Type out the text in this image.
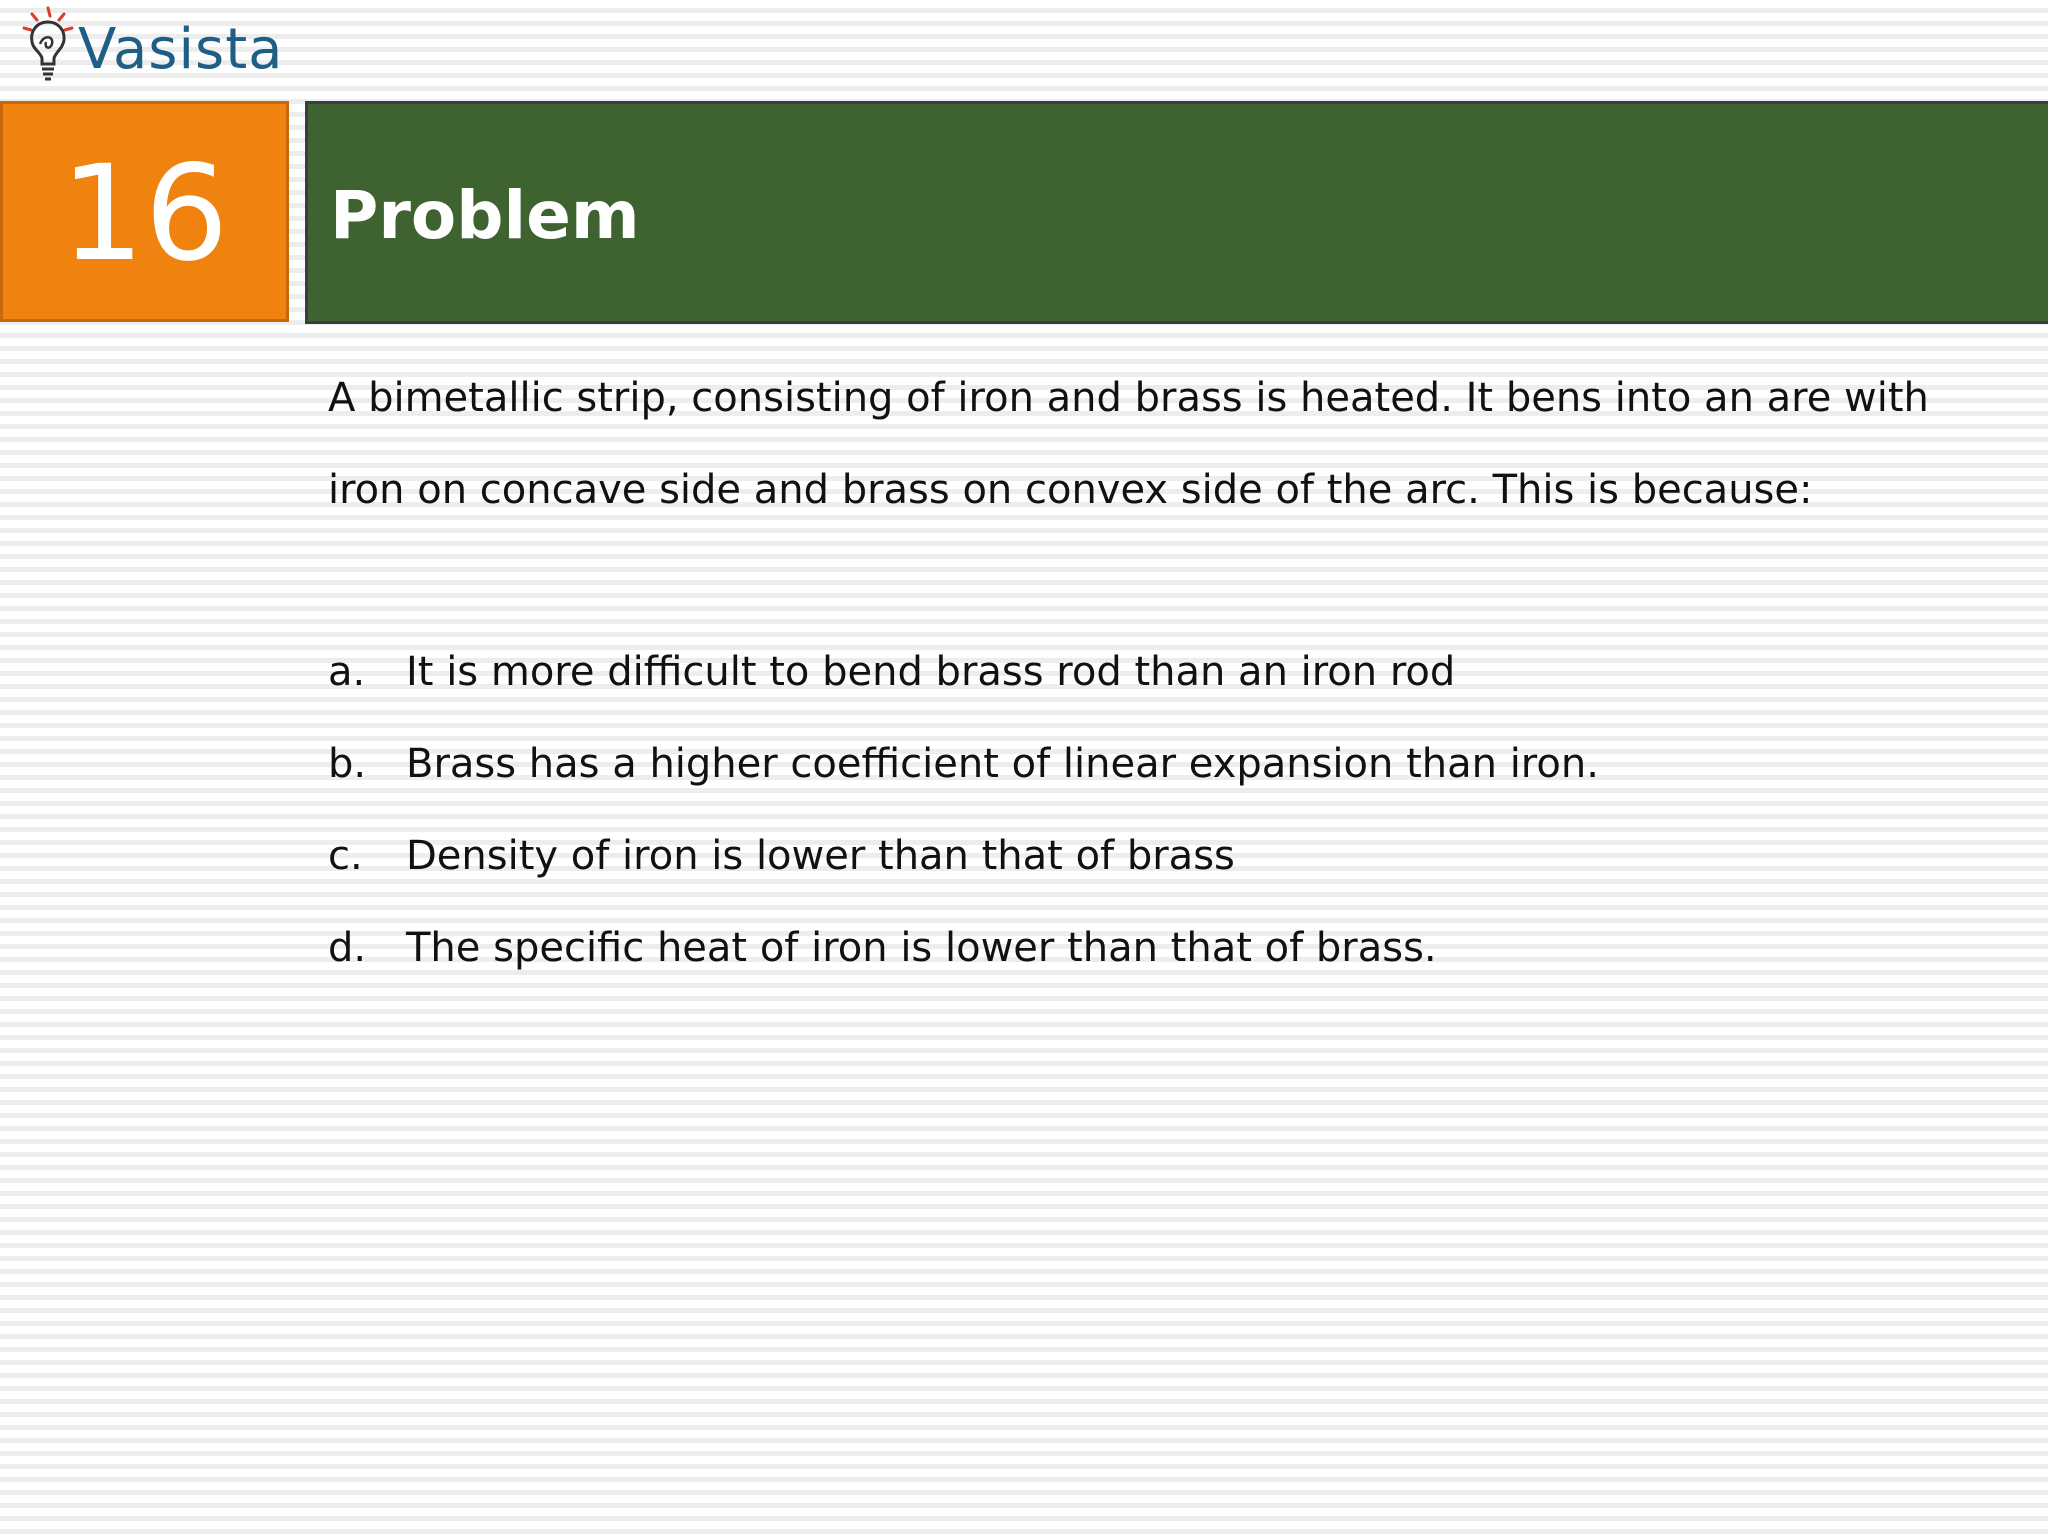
Vasista
16 Problem

A bimetallic strip, consisting of iron and brass is heated. It bens into an are with iron on concave side and brass on convex side of the arc. This is because:

a.	It is more difficult to bend brass rod than an iron rod
b. Brass has a higher coefficient of linear expansion than iron.
c.	Density of iron is lower than that of brass
d. The specific heat of iron is lower than that of brass.
